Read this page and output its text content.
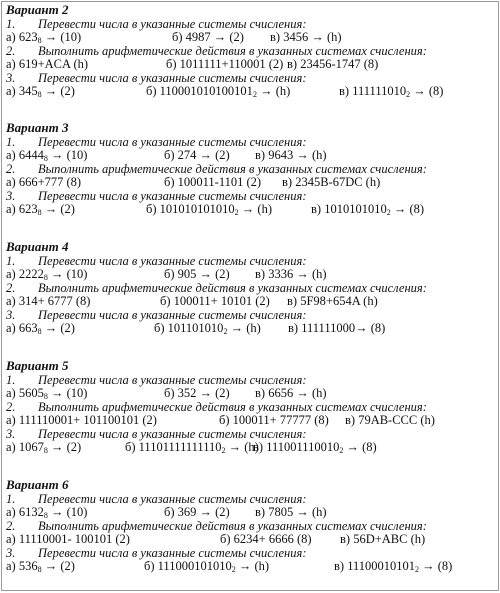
Вариант 2
1. Перевести числа в указанные системы счисления:
а) $623_8 \to (10)$	б) 4987 → (2) в) 3456 → (h)
2. Выполнить арифметические действия в указанных системах счисления:
а) 619+ACA (h)	б) 1011111+110001 (2) в) 23456-1747 (8)
3. Перевести числа в указанные системы счисления:
а) $345_8 \to (2)$	б) $110001010100101_2 \to (h)$	в) $111111010_2 \to (8)$
Вариант 3
1. Перевести числа в указанные системы счисления:
а) $6444_8 \to (10)$	б) 274 → (2) в) 9643 → (h)
2. Выполнить арифметические действия в указанных системах счисления:
а) 666+777 (8)	б) 100011-1101 (2) в) 2345B-67DC (h)
3. Перевести числа в указанные системы счисления:
а) $623_8 \to (2)$	б) $101010101010_2 \to (h)$	в) $1010101010_2 \to (8)$
Вариант 4
1. Перевести числа в указанные системы счисления:
а) $2222_8 \to (10)$	б) 905 → (2) в) 3336 → (h)
2. Выполнить арифметические действия в указанных системах счисления:
а) 314+ 6777 (8)	б) 100011+ 10101 (2) в) 5F98+654A (h)
3. Перевести числа в указанные системы счисления:
а) $663_8 \to (2)$	б) $101101010_2 \to (h)$ в) 111111000→ (8)
Вариант 5
1. Перевести числа в указанные системы счисления:
а) $5605_8 \to (10)$	б) 352 → (2) в) 6656 → (h)
2. Выполнить арифметические действия в указанных системах счисления:
а) 111110001+ 101100101 (2)	б) 100011+ 77777 (8) в) 79AB-CCC (h)
3. Перевести числа в указанные системы счисления:
а) $1067_8 \to (2)$	б) $11101111111110_2 \to (h)$
в) $111001110010_2 \to (8)$
Вариант 6
1. Перевести числа в указанные системы счисления:
а) $6132_8 \to (10)$	б) 369 → (2) в) 7805 → (h)
2. Выполнить арифметические действия в указанных системах счисления:
а) 11110001- 100101 (2)	б) 6234+ 6666 (8) в) 56D+ABC (h)
3. Перевести числа в указанные системы счисления:
а) $536_8 \to (2)$	б) $111000101010_2 \to (h)$	в) $11100010101_2 \to (8)$
